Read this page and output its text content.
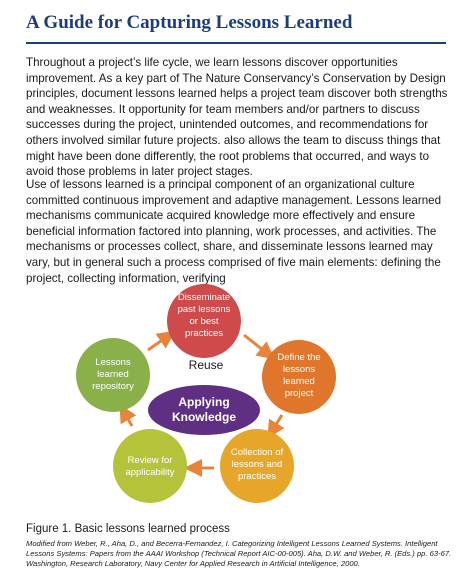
A Guide for Capturing Lessons Learned

Throughout a project’s life cycle, we learn lessons discover opportunities improvement. As a key part of The Nature Conservancy’s Conservation by Design principles, document lessons learned helps a project team discover both strengths and weaknesses. It opportunity for team members and/or partners to discuss successes during the project, unintended outcomes, and recommendations for others involved similar future projects. also allows the team to discuss things that might have been done differently, the root problems that occurred, and ways to avoid those problems in later project stages.

Use of lessons learned is a principal component of an organizational culture committed continuous improvement and adaptive management. Lessons learned mechanisms communicate acquired knowledge more effectively and ensure beneficial information factored into planning, work processes, and activities. The mechanisms or processes collect, share, and disseminate lessons learned may vary, but in general such a process comprised of five main elements: defining the project, collecting information, verifying

Disseminate
past lessons
or best
practices
Define the
lessons
learned
project
Collection of
lessons and
practices
Review for
applicability
Lessons
learned
repository
Reuse
Applying
Knowledge

Figure 1. Basic lessons learned process

Modified from Weber, R., Aha, D., and Becerra-Fernandez, I. Categorizing Intelligent Lessons Learned Systems. Intelligent Lessons Systems: Papers from the AAAI Workshop (Technical Report AIC-00-005). Aha, D.W. and Weber, R. (Eds.) pp. 63-67. Washington, Research Laboratory, Navy Center for Applied Research in Artificial Intelligence, 2000.
